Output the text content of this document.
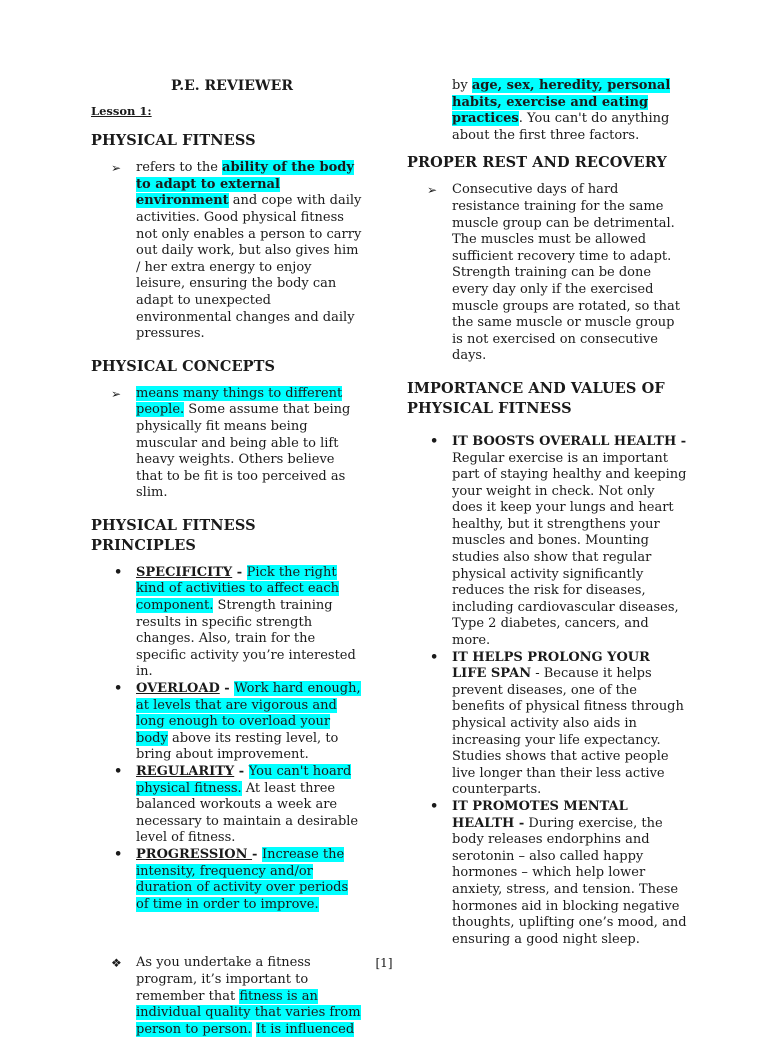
P.E. REVIEWER

Lesson 1:

PHYSICAL FITNESS

➢ refers to the ability of the body to adapt to external environment and cope with daily activities. Good physical fitness not only enables a person to carry out daily work, but also gives him / her extra energy to enjoy leisure, ensuring the body can adapt to unexpected environmental changes and daily pressures.

PHYSICAL CONCEPTS

➢ means many things to different people. Some assume that being physically fit means being muscular and being able to lift heavy weights. Others believe that to be fit is too perceived as slim.

PHYSICAL FITNESS PRINCIPLES

• SPECIFICITY - Pick the right kind of activities to affect each component. Strength training results in specific strength changes. Also, train for the specific activity you’re interested in.

• OVERLOAD - Work hard enough, at levels that are vigorous and long enough to overload your body above its resting level, to bring about improvement.

• REGULARITY - You can't hoard physical fitness. At least three balanced workouts a week are necessary to maintain a desirable level of fitness.

• PROGRESSION - Increase the intensity, frequency and/or duration of activity over periods of time in order to improve.

❖ As you undertake a fitness program, it’s important to remember that fitness is an individual quality that varies from person to person. It is influenced

by age, sex, heredity, personal habits, exercise and eating practices. You can't do anything about the first three factors.

PROPER REST AND RECOVERY

➢ Consecutive days of hard resistance training for the same muscle group can be detrimental. The muscles must be allowed sufficient recovery time to adapt. Strength training can be done every day only if the exercised muscle groups are rotated, so that the same muscle or muscle group is not exercised on consecutive days.

IMPORTANCE AND VALUES OF PHYSICAL FITNESS

• IT BOOSTS OVERALL HEALTH - Regular exercise is an important part of staying healthy and keeping your weight in check. Not only does it keep your lungs and heart healthy, but it strengthens your muscles and bones. Mounting studies also show that regular physical activity significantly reduces the risk for diseases, including cardiovascular diseases, Type 2 diabetes, cancers, and more.

• IT HELPS PROLONG YOUR LIFE SPAN - Because it helps prevent diseases, one of the benefits of physical fitness through physical activity also aids in increasing your life expectancy. Studies shows that active people live longer than their less active counterparts.

• IT PROMOTES MENTAL HEALTH - During exercise, the body releases endorphins and serotonin – also called happy hormones – which help lower anxiety, stress, and tension. These hormones aid in blocking negative thoughts, uplifting one’s mood, and ensuring a good night sleep.

[1]
